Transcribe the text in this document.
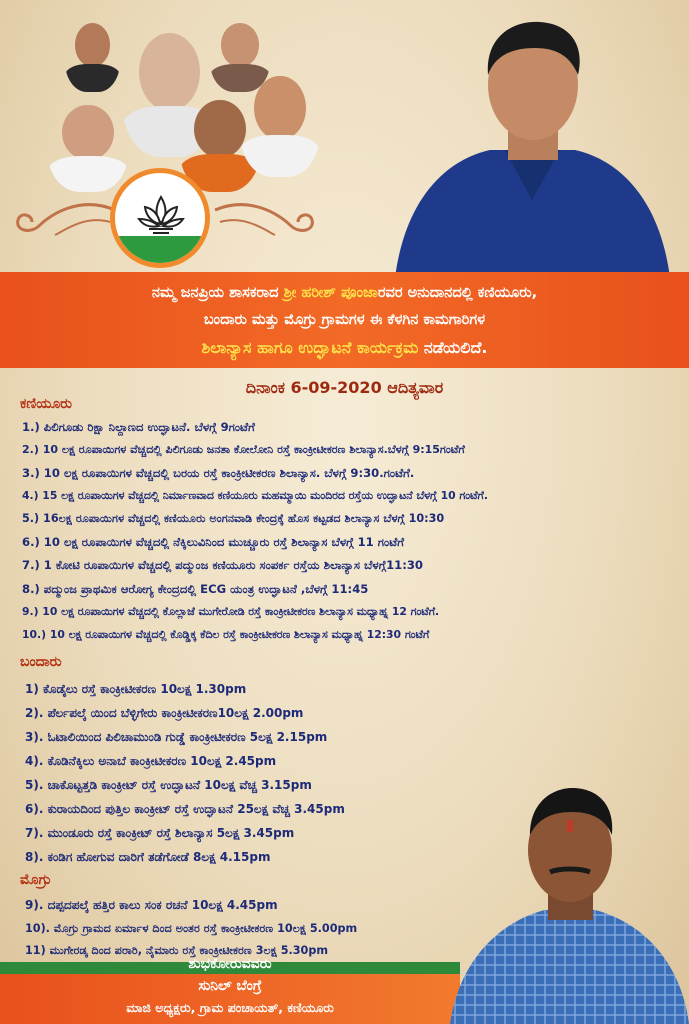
ನಮ್ಮ ಜನಪ್ರಿಯ ಶಾಸಕರಾದ ಶ್ರೀ ಹರೀಶ್ ಪೂಂಜಾರವರ ಅನುದಾನದಲ್ಲಿ ಕಣಿಯೂರು,
ಬಂದಾರು ಮತ್ತು ಮೊಗ್ರು ಗ್ರಾಮಗಳ ಈ ಕೆಳಗಿನ ಕಾಮಗಾರಿಗಳ
ಶಿಲಾನ್ಯಾಸ ಹಾಗೂ ಉದ್ಘಾಟನೆ ಕಾರ್ಯಕ್ರಮ ನಡೆಯಲಿದೆ.
ದಿನಾಂಕ 6-09-2020 ಆದಿತ್ಯವಾರ
ಕಣಿಯೂರು
1.) ಪಿಲಿಗೂಡು ರಿಕ್ಷಾ ನಿಲ್ದಾಣದ ಉದ್ಘಾಟನೆ. ಬೆಳಗ್ಗೆ 9ಗಂಟೆಗೆ
2.) 10 ಲಕ್ಷ ರೂಪಾಯಿಗಳ ವೆಚ್ಚದಲ್ಲಿ ಪಿಲಿಗೂಡು ಜನತಾ ಕೋಲೋನಿ ರಸ್ತೆ ಕಾಂಕ್ರೀಟೀಕರಣ ಶಿಲಾನ್ಯಾಸ.ಬೆಳಗ್ಗೆ 9:15ಗಂಟೆಗೆ
3.) 10 ಲಕ್ಷ ರೂಪಾಯಿಗಳ ವೆಚ್ಚದಲ್ಲಿ ಬರಯ ರಸ್ತೆ ಕಾಂಕ್ರೀಟೀಕರಣ ಶಿಲಾನ್ಯಾಸ. ಬೆಳಗ್ಗೆ 9:30.ಗಂಟೆಗೆ.
4.) 15 ಲಕ್ಷ ರೂಪಾಯಿಗಳ ವೆಚ್ಚದಲ್ಲಿ ನಿರ್ಮಾಣವಾದ ಕಣಿಯೂರು ಮಹಮ್ಮಾಯಿ ಮಂದಿರದ ರಸ್ತೆಯ ಉದ್ಘಾಟನೆ ಬೆಳಗ್ಗೆ 10 ಗಂಟೆಗೆ.
5.) 16ಲಕ್ಷ ರೂಪಾಯಿಗಳ ವೆಚ್ಚದಲ್ಲಿ ಕಣಿಯೂರು ಅಂಗನವಾಡಿ ಕೇಂದ್ರಕ್ಕೆ ಹೊಸ ಕಟ್ಟಡದ ಶಿಲಾನ್ಯಾಸ ಬೆಳಗ್ಗೆ 10:30
6.) 10 ಲಕ್ಷ ರೂಪಾಯಿಗಳ ವೆಚ್ಚದಲ್ಲಿ ನೆಕ್ಕಿಲುವಿನಿಂದ ಮುಚ್ಚೂರು ರಸ್ತೆ ಶಿಲಾನ್ಯಾಸ ಬೆಳಗ್ಗೆ 11 ಗಂಟೆಗೆ
7.) 1 ಕೋಟಿ ರೂಪಾಯಿಗಳ ವೆಚ್ಚದಲ್ಲಿ ಪದ್ಮುಂಜ ಕಣಿಯೂರು ಸಂಪರ್ಕ ರಸ್ತೆಯ ಶಿಲಾನ್ಯಾಸ ಬೆಳಗ್ಗೆ11:30
8.) ಪದ್ಮುಂಜ ಪ್ರಾಥಮಿಕ ಆರೋಗ್ಯ ಕೇಂದ್ರದಲ್ಲಿ ECG ಯಂತ್ರ ಉದ್ಘಾಟನೆ ,ಬೆಳಗ್ಗೆ 11:45
9.) 10 ಲಕ್ಷ ರೂಪಾಯಿಗಳ ವೆಚ್ಚದಲ್ಲಿ ಕೊಲ್ಲಾಜೆ ಮುಗೇರೋಡಿ ರಸ್ತೆ ಕಾಂಕ್ರೀಟೀಕರಣ ಶಿಲಾನ್ಯಾಸ ಮಧ್ಯಾಹ್ನ 12 ಗಂಟೆಗೆ.
10.) 10 ಲಕ್ಷ ರೂಪಾಯಿಗಳ ವೆಚ್ಚದಲ್ಲಿ ಕೊಡ್ಡಿಕ್ಕ ಕೆದಿಲ ರಸ್ತೆ ಕಾಂಕ್ರೀಟೀಕರಣ ಶಿಲಾನ್ಯಾಸ ಮಧ್ಯಾಹ್ನ 12:30 ಗಂಟೆಗೆ
ಬಂದಾರು
1) ಕೊಡೈಲು ರಸ್ತೆ ಕಾಂಕ್ರೀಟೀಕರಣ 10ಲಕ್ಷ 1.30pm
2). ಪೆರ್ಲಪಲ್ಕೆ ಯಿಂದ ಬೆಳ್ಳಿಗೇರು ಕಾಂಕ್ರೀಟೀಕರಣ10ಲಕ್ಷ 2.00pm
3). ಓಟಾಲಿಯಿಂದ ಪಿಲಿಚಾಮುಂಡಿ ಗುಡ್ಡೆ ಕಾಂಕ್ರೀಟೀಕರಣ 5ಲಕ್ಷ 2.15pm
4). ಕೊಡಿನೆಕ್ಕಿಲು ಅನಾಬೆ ಕಾಂಕ್ರೀಟೀಕರಣ 10ಲಕ್ಷ 2.45pm
5). ಚಾಕೊಟ್ಟತ್ತಡಿ ಕಾಂಕ್ರೀಟ್ ರಸ್ತೆ ಉದ್ಘಾಟನೆ 10ಲಕ್ಷ ವೆಚ್ಚ 3.15pm
6). ಕುರಾಯದಿಂದ ಪುತ್ತಿಲ ಕಾಂಕ್ರೀಟ್ ರಸ್ತೆ ಉದ್ಘಾಟನೆ 25ಲಕ್ಷ ವೆಚ್ಚ 3.45pm
7). ಮುಂಡೂರು ರಸ್ತೆ ಕಾಂಕ್ರೀಟ್ ರಸ್ತೆ ಶಿಲಾನ್ಯಾಸ 5ಲಕ್ಷ 3.45pm
8). ಕಂಡಿಗ ಹೋಗುವ ದಾರಿಗೆ ತಡೆಗೋಡೆ 8ಲಕ್ಷ 4.15pm
ಮೊಗ್ರು
9). ದಪ್ಪದಪಲ್ಕೆ ಹತ್ತಿರ ಕಾಲು ಸಂಕ ರಚನೆ 10ಲಕ್ಷ 4.45pm
10). ಮೊಗ್ರು ಗ್ರಾಮದ ಏರ್ಮಾಳ ದಿಂದ ಅಂತರ ರಸ್ತೆ ಕಾಂಕ್ರೀಟೀಕರಣ 10ಲಕ್ಷ 5.00pm
11) ಮುಗೇರಡ್ಕ ದಿಂದ ಪರಾರಿ, ನೈಮಾರು ರಸ್ತೆ ಕಾಂಕ್ರೀಟೀಕರಣ 3ಲಕ್ಷ 5.30pm
ಶುಭಕೋರುವವರು
ಸುನಿಲ್ ಬೆಂಗ್ರೆ
ಮಾಜಿ ಅಧ್ಯಕ್ಷರು, ಗ್ರಾಮ ಪಂಚಾಯತ್, ಕಣಿಯೂರು
